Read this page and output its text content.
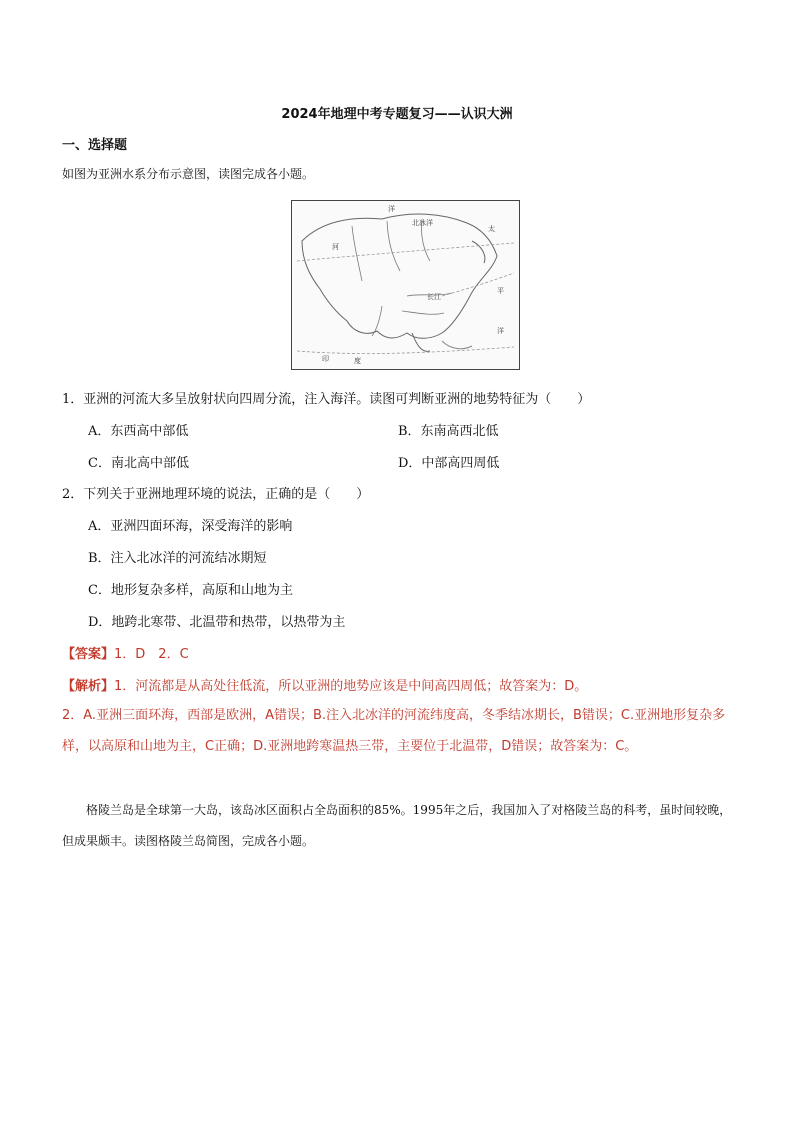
2024年地理中考专题复习——认识大洲
一、选择题
如图为亚洲水系分布示意图，读图完成各小题。
洋
北冰洋
太
河
平
长江
洋
印	度
1．亚洲的河流大多呈放射状向四周分流，注入海洋。读图可判断亚洲的地势特征为（　　）
A．东西高中部低	B．东南高西北低
C．南北高中部低	D．中部高四周低
2．下列关于亚洲地理环境的说法，正确的是（　　）
A．亚洲四面环海，深受海洋的影响
B．注入北冰洋的河流结冰期短
C．地形复杂多样，高原和山地为主
D．地跨北寒带、北温带和热带，以热带为主
【答案】1．D　2．C
【解析】1．河流都是从高处往低流，所以亚洲的地势应该是中间高四周低；故答案为：D。
2．A.亚洲三面环海，西部是欧洲，A错误；B.注入北冰洋的河流纬度高，冬季结冰期长，B错误；C.亚洲地形复杂多样，以高原和山地为主，C正确；D.亚洲地跨寒温热三带，主要位于北温带，D错误；故答案为：C。
格陵兰岛是全球第一大岛，该岛冰区面积占全岛面积的85%。1995年之后，我国加入了对格陵兰岛的科考，虽时间较晚，但成果颇丰。读图格陵兰岛简图，完成各小题。
